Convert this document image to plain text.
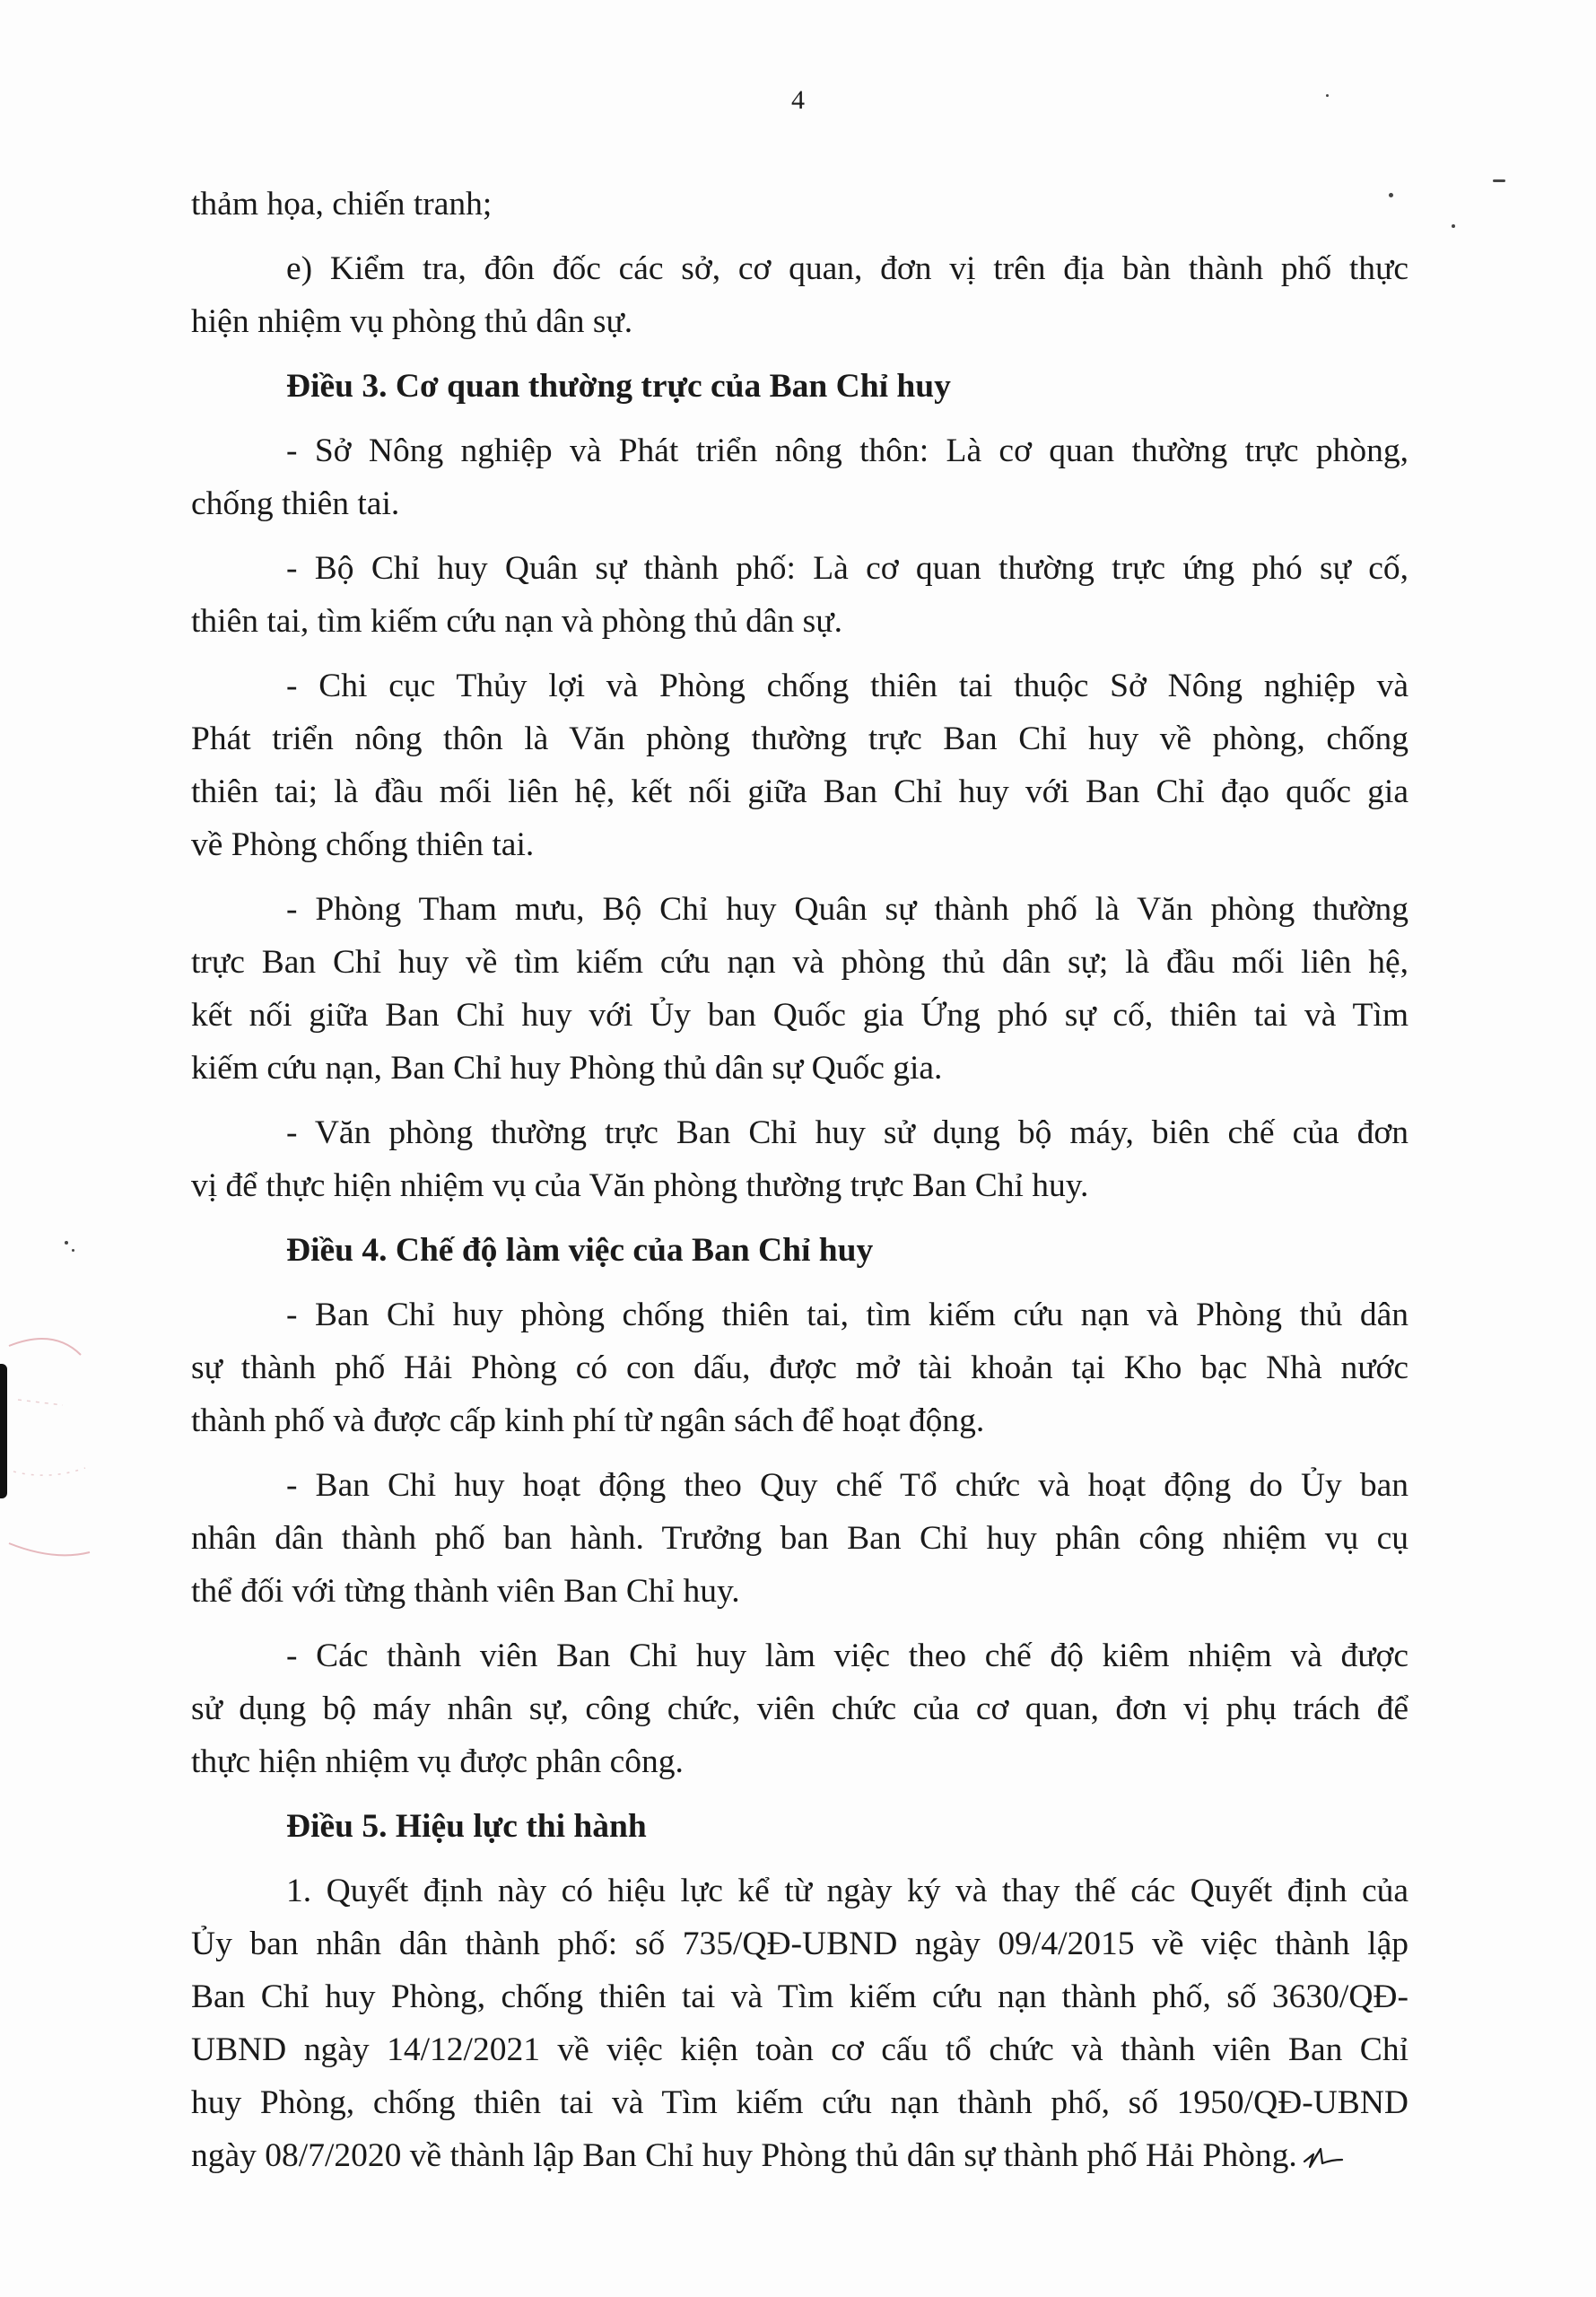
4
thảm họa, chiến tranh;
e) Kiểm tra, đôn đốc các sở, cơ quan, đơn vị trên địa bàn thành phố thực
hiện nhiệm vụ phòng thủ dân sự.
Điều 3. Cơ quan thường trực của Ban Chỉ huy
- Sở Nông nghiệp và Phát triển nông thôn: Là cơ quan thường trực phòng,
chống thiên tai.
- Bộ Chỉ huy Quân sự thành phố: Là cơ quan thường trực ứng phó sự cố,
thiên tai, tìm kiếm cứu nạn và phòng thủ dân sự.
- Chi cục Thủy lợi và Phòng chống thiên tai thuộc Sở Nông nghiệp và
Phát triển nông thôn là Văn phòng thường trực Ban Chỉ huy về phòng, chống
thiên tai; là đầu mối liên hệ, kết nối giữa Ban Chỉ huy với Ban Chỉ đạo quốc gia
về Phòng chống thiên tai.
- Phòng Tham mưu, Bộ Chỉ huy Quân sự thành phố là Văn phòng thường
trực Ban Chỉ huy về tìm kiếm cứu nạn và phòng thủ dân sự; là đầu mối liên hệ,
kết nối giữa Ban Chỉ huy với Ủy ban Quốc gia Ứng phó sự cố, thiên tai và Tìm
kiếm cứu nạn, Ban Chỉ huy Phòng thủ dân sự Quốc gia.
- Văn phòng thường trực Ban Chỉ huy sử dụng bộ máy, biên chế của đơn
vị để thực hiện nhiệm vụ của Văn phòng thường trực Ban Chỉ huy.
Điều 4. Chế độ làm việc của Ban Chỉ huy
- Ban Chỉ huy phòng chống thiên tai, tìm kiếm cứu nạn và Phòng thủ dân
sự thành phố Hải Phòng có con dấu, được mở tài khoản tại Kho bạc Nhà nước
thành phố và được cấp kinh phí từ ngân sách để hoạt động.
- Ban Chỉ huy hoạt động theo Quy chế Tổ chức và hoạt động do Ủy ban
nhân dân thành phố ban hành. Trưởng ban Ban Chỉ huy phân công nhiệm vụ cụ
thể đối với từng thành viên Ban Chỉ huy.
- Các thành viên Ban Chỉ huy làm việc theo chế độ kiêm nhiệm và được
sử dụng bộ máy nhân sự, công chức, viên chức của cơ quan, đơn vị phụ trách để
thực hiện nhiệm vụ được phân công.
Điều 5. Hiệu lực thi hành
1. Quyết định này có hiệu lực kể từ ngày ký và thay thế các Quyết định của
Ủy ban nhân dân thành phố: số 735/QĐ-UBND ngày 09/4/2015 về việc thành lập
Ban Chỉ huy Phòng, chống thiên tai và Tìm kiếm cứu nạn thành phố, số 3630/QĐ-
UBND ngày 14/12/2021 về việc kiện toàn cơ cấu tổ chức và thành viên Ban Chỉ
huy Phòng, chống thiên tai và Tìm kiếm cứu nạn thành phố, số 1950/QĐ-UBND
ngày 08/7/2020 về thành lập Ban Chỉ huy Phòng thủ dân sự thành phố Hải Phòng.
